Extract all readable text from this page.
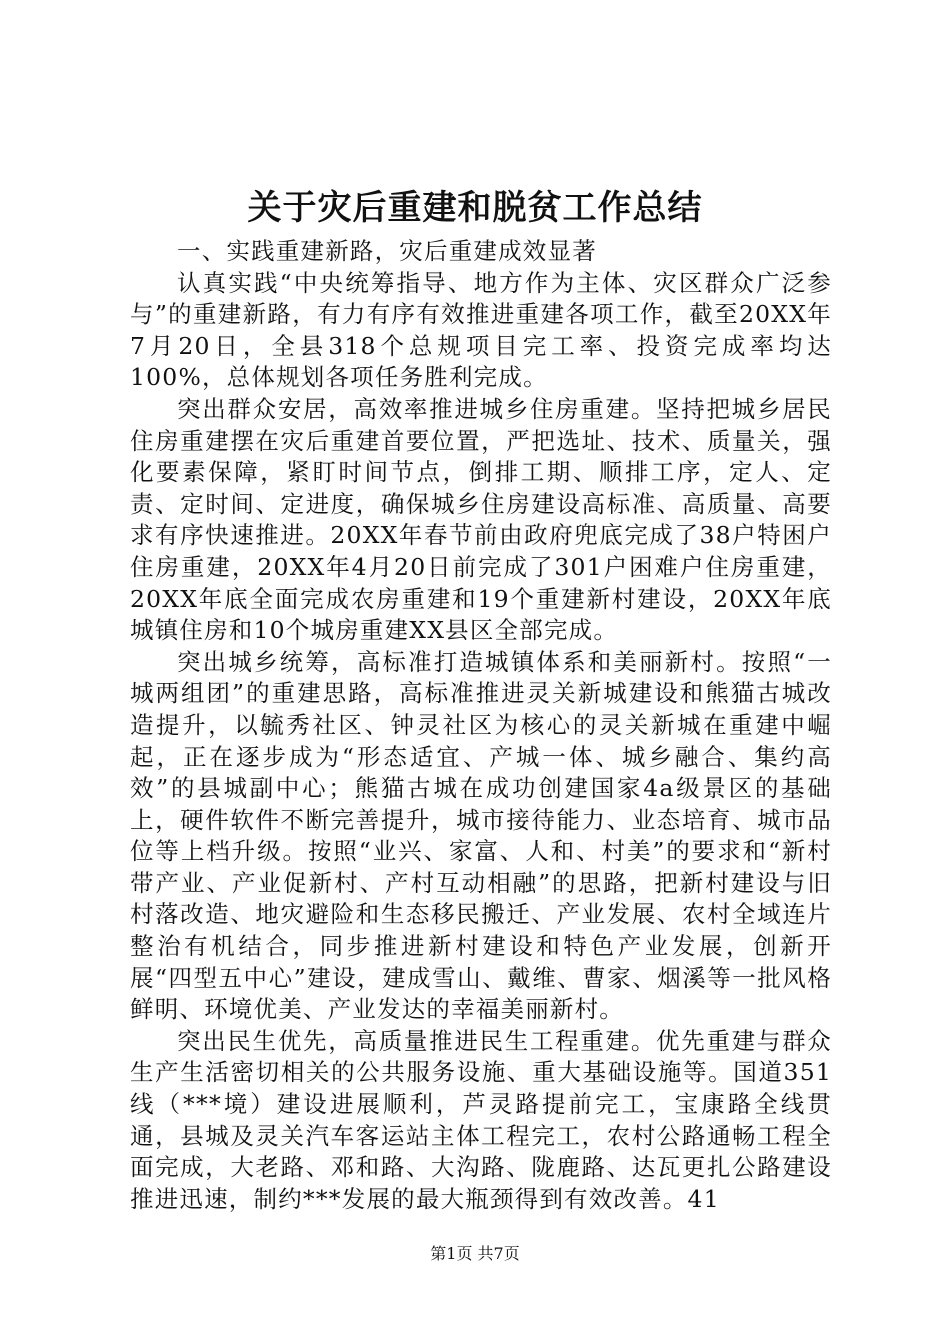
关于灾后重建和脱贫工作总结

一、实践重建新路，灾后重建成效显著

认真实践“中央统筹指导、地方作为主体、灾区群众广泛参与”的重建新路，有力有序有效推进重建各项工作，截至20XX年7月20日，全县318个总规项目完工率、投资完成率均达100%，总体规划各项任务胜利完成。

突出群众安居，高效率推进城乡住房重建。坚持把城乡居民住房重建摆在灾后重建首要位置，严把选址、技术、质量关，强化要素保障，紧盯时间节点，倒排工期、顺排工序，定人、定责、定时间、定进度，确保城乡住房建设高标准、高质量、高要求有序快速推进。20XX年春节前由政府兜底完成了38户特困户住房重建，20XX年4月20日前完成了301户困难户住房重建，20XX年底全面完成农房重建和19个重建新村建设，20XX年底城镇住房和10个城房重建XX县区全部完成。

突出城乡统筹，高标准打造城镇体系和美丽新村。按照“一城两组团”的重建思路，高标准推进灵关新城建设和熊猫古城改造提升，以毓秀社区、钟灵社区为核心的灵关新城在重建中崛起，正在逐步成为“形态适宜、产城一体、城乡融合、集约高效”的县城副中心；熊猫古城在成功创建国家4a级景区的基础上，硬件软件不断完善提升，城市接待能力、业态培育、城市品位等上档升级。按照“业兴、家富、人和、村美”的要求和“新村带产业、产业促新村、产村互动相融”的思路，把新村建设与旧村落改造、地灾避险和生态移民搬迁、产业发展、农村全域连片整治有机结合，同步推进新村建设和特色产业发展，创新开展“四型五中心”建设，建成雪山、戴维、曹家、烟溪等一批风格鲜明、环境优美、产业发达的幸福美丽新村。

突出民生优先，高质量推进民生工程重建。优先重建与群众生产生活密切相关的公共服务设施、重大基础设施等。国道351线（***境）建设进展顺利，芦灵路提前完工，宝康路全线贯通，县城及灵关汽车客运站主体工程完工，农村公路通畅工程全面完成，大老路、邓和路、大沟路、陇鹿路、达瓦更扎公路建设推进迅速，制约***发展的最大瓶颈得到有效改善。41

第1页 共7页
